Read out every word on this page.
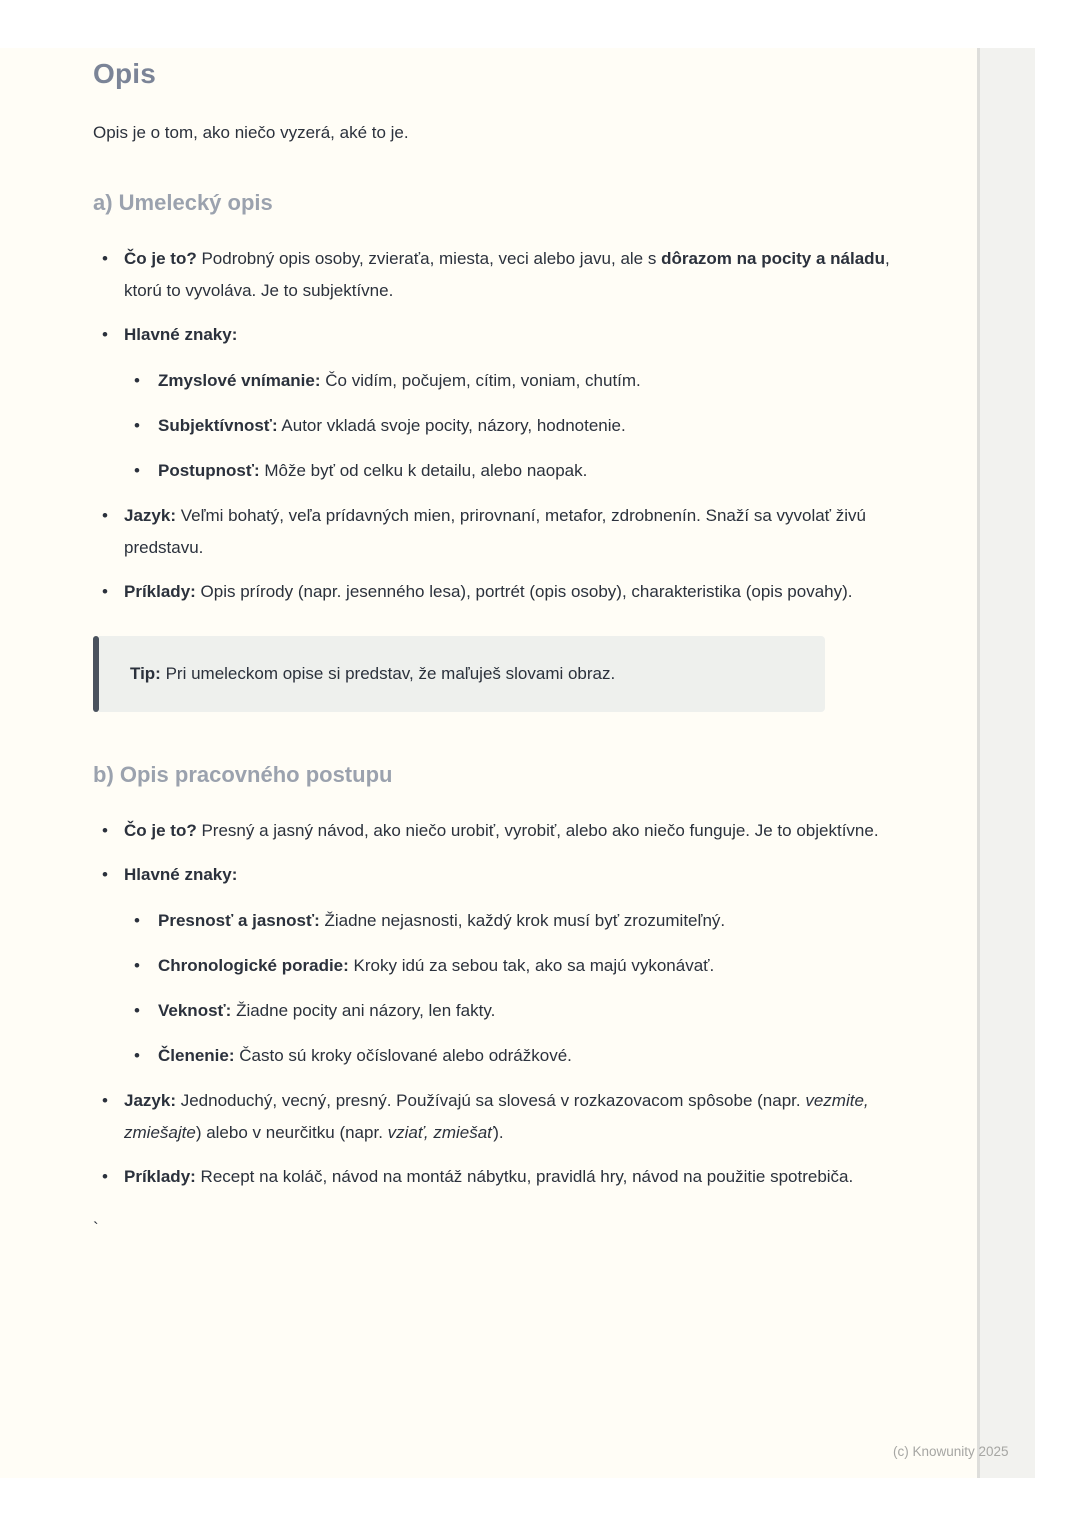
Opis

Opis je o tom, ako niečo vyzerá, aké to je.

a) Umelecký opis
• Čo je to? Podrobný opis osoby, zvieraťa, miesta, veci alebo javu, ale s dôrazom na pocity a náladu, ktorú to vyvoláva. Je to subjektívne.
• Hlavné znaky:
• Zmyslové vnímanie: Čo vidím, počujem, cítim, voniam, chutím.
• Subjektívnosť: Autor vkladá svoje pocity, názory, hodnotenie.
• Postupnosť: Môže byť od celku k detailu, alebo naopak.
• Jazyk: Veľmi bohatý, veľa prídavných mien, prirovnaní, metafor, zdrobnenín. Snaží sa vyvolať živú predstavu.
• Príklady: Opis prírody (napr. jesenného lesa), portrét (opis osoby), charakteristika (opis povahy).
Tip: Pri umeleckom opise si predstav, že maľuješ slovami obraz.
b) Opis pracovného postupu
• Čo je to? Presný a jasný návod, ako niečo urobiť, vyrobiť, alebo ako niečo funguje. Je to objektívne.
• Hlavné znaky:
• Presnosť a jasnosť: Žiadne nejasnosti, každý krok musí byť zrozumiteľný.
• Chronologické poradie: Kroky idú za sebou tak, ako sa majú vykonávať.
• Veknosť: Žiadne pocity ani názory, len fakty.
• Členenie: Často sú kroky očíslované alebo odrážkové.
• Jazyk: Jednoduchý, vecný, presný. Používajú sa slovesá v rozkazovacom spôsobe (napr. vezmite, zmiešajte) alebo v neurčitku (napr. vziať, zmiešať).
• Príklady: Recept na koláč, návod na montáž nábytku, pravidlá hry, návod na použitie spotrebiča.
`
(c) Knowunity 2025
